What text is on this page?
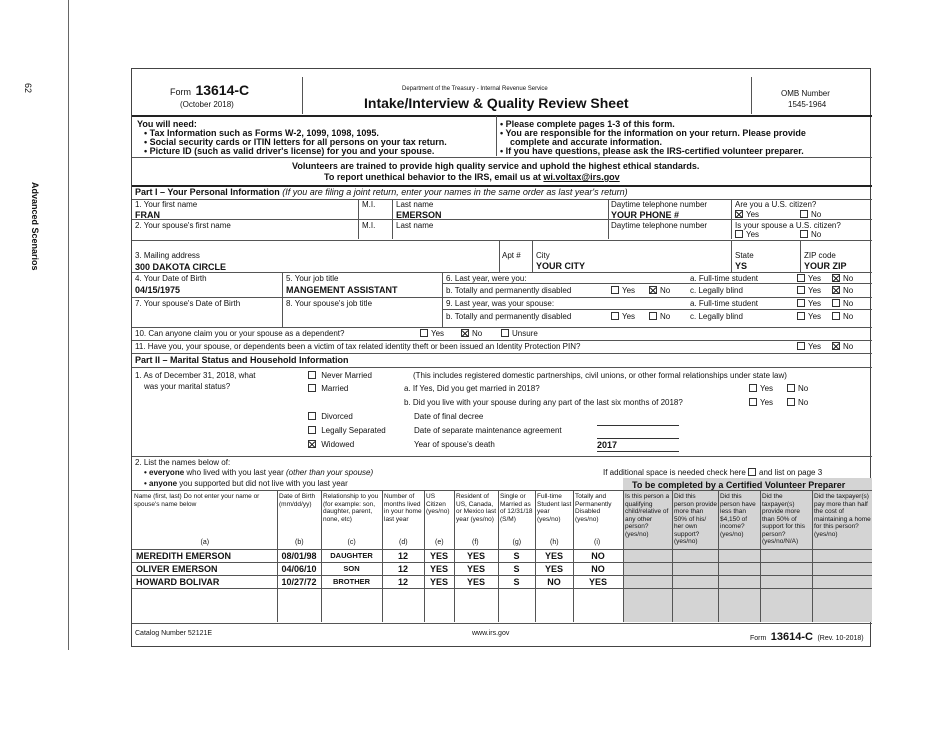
62
Advanced Scenarios
Form 13614-C
(October 2018)
Department of the Treasury - Internal Revenue Service
Intake/Interview & Quality Review Sheet
OMB Number
1545-1964
You will need:
• Tax Information such as Forms W-2, 1099, 1098, 1095.
• Social security cards or ITIN letters for all persons on your tax return.
• Picture ID (such as valid driver's license) for you and your spouse.
• Please complete pages 1-3 of this form.
• You are responsible for the information on your return. Please provide
complete and accurate information.
• If you have questions, please ask the IRS-certified volunteer preparer.
Volunteers are trained to provide high quality service and uphold the highest ethical standards.
To report unethical behavior to the IRS, email us at wi.voltax@irs.gov
Part I – Your Personal Information (If you are filing a joint return, enter your names in the same order as last year's return)
1. Your first name
FRAN
M.I.	Last name
EMERSON
Daytime telephone number
YOUR PHONE #
Are you a U.S. citizen?
Yes	No
2. Your spouse's first name	M.I.	Last name	Daytime telephone number	Is your spouse a U.S. citizen?
Yes	No
3. Mailing address
300 DAKOTA CIRCLE
Apt # City
YOUR CITY
State
YS
ZIP code
YOUR ZIP
4. Your Date of Birth
04/15/1975
5. Your job title
MANGEMENT ASSISTANT
6. Last year, were you:	a. Full-time student	Yes	No
b. Totally and permanently disabled	Yes	No c. Legally blind	Yes	No
7. Your spouse's Date of Birth	8. Your spouse's job title	9. Last year, was your spouse:	a. Full-time student	Yes	No
b. Totally and permanently disabled	Yes	No c. Legally blind	Yes	No
10. Can anyone claim you or your spouse as a dependent?	Yes	No	Unsure
11. Have you, your spouse, or dependents been a victim of tax related identity theft or been issued an Identity Protection PIN?	Yes	No
Part II – Marital Status and Household Information
1. As of December 31, 2018, what
was your marital status?
Never Married	(This includes registered domestic partnerships, civil unions, or other formal relationships under state law)
Married	a. If Yes, Did you get married in 2018?	Yes	No
b. Did you live with your spouse during any part of the last six months of 2018?	Yes	No
Divorced	Date of final decree
Legally Separated	Date of separate maintenance agreement
Widowed	Year of spouse's death	2017
2. List the names below of:
• everyone who lived with you last year (other than your spouse)
• anyone you supported but did not live with you last year
If additional space is needed check here and list on page 3
To be completed by a Certified Volunteer Preparer
Name (first, last) Do not enter your name or spouse's name below
(a)
Date of Birth (mm/dd/yy)
(b)
Relationship to you (for example: son, daughter, parent, none, etc)
(c)
Number of months lived in your home last year
(d)
US Citizen (yes/no)
(e)
Resident of US, Canada, or Mexico last year (yes/no)
(f)
Single or Married as of 12/31/18 (S/M)
(g)
Full-time Student last year (yes/no)
(h)
Totally and Permanently Disabled (yes/no)
(i)
Is this person a qualifying child/relative of any other person? (yes/no)
Did this person provide more than 50% of his/ her own support? (yes/no)
Did this person have less than $4,150 of income? (yes/no)
Did the taxpayer(s) provide more than 50% of support for this person? (yes/no/N/A)
Did the taxpayer(s) pay more than half the cost of maintaining a home for this person? (yes/no)
MEREDITH EMERSON	08/01/98	DAUGHTER	12	YES	YES	S	YES	NO
OLIVER EMERSON	04/06/10	SON	12	YES	YES	S	YES	NO
HOWARD BOLIVAR	10/27/72	BROTHER	12	YES	YES	S	NO	YES
Catalog Number 52121E	www.irs.gov
Form 13614-C (Rev. 10-2018)
